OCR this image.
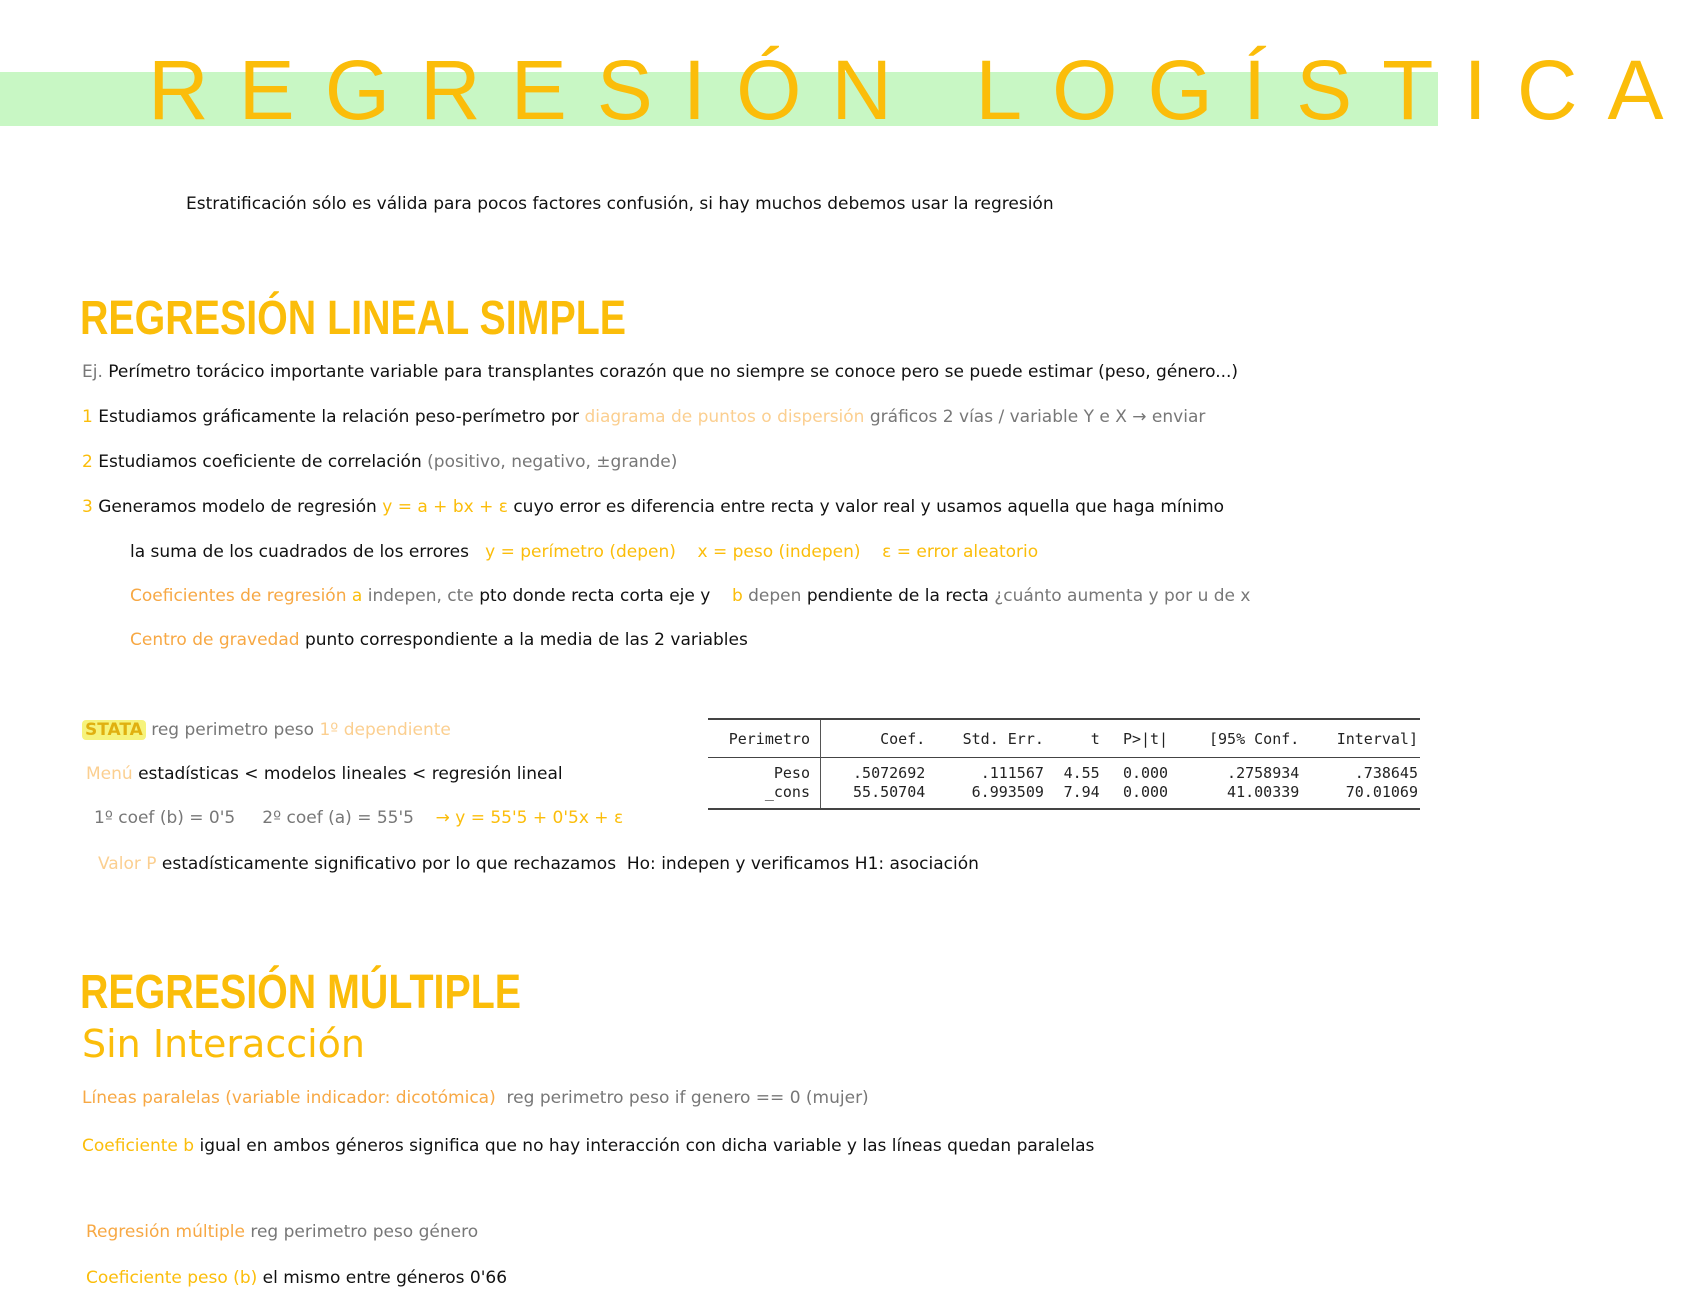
REGRESIÓN LOGÍSTICA
Estratificación sólo es válida para pocos factores confusión, si hay muchos debemos usar la regresión
REGRESIÓN LINEAL SIMPLE
Ej. Perímetro torácico importante variable para transplantes corazón que no siempre se conoce pero se puede estimar (peso, género...)
1 Estudiamos gráficamente la relación peso-perímetro por diagrama de puntos o dispersión gráficos 2 vías / variable Y e X → enviar
2 Estudiamos coeficiente de correlación (positivo, negativo, ±grande)
3 Generamos modelo de regresión y = a + bx + ε cuyo error es diferencia entre recta y valor real y usamos aquella que haga mínimo
la suma de los cuadrados de los errores y = perímetro (depen) x = peso (indepen) ε = error aleatorio
Coeficientes de regresión a indepen, cte pto donde recta corta eje y b depen pendiente de la recta ¿cuánto aumenta y por u de x
Centro de gravedad punto correspondiente a la media de las 2 variables
STATA reg perimetro peso 1º dependiente
Menú estadísticas < modelos lineales < regresión lineal
1º coef (b) = 0'5 2º coef (a) = 55'5 → y = 55'5 + 0'5x + ε
Valor P estadísticamente significativo por lo que rechazamos Ho: indepen y verificamos H1: asociación
Perimetro	Coef.	Std. Err.	t	P>|t|	[95% Conf.	Interval]
Peso	.5072692	.111567	4.55	0.000	.2758934	.738645
_cons	55.50704	6.993509	7.94	0.000	41.00339	70.01069
REGRESIÓN MÚLTIPLE
Sin Interacción
Líneas paralelas (variable indicador: dicotómica) reg perimetro peso if genero == 0 (mujer)
Coeficiente b igual en ambos géneros significa que no hay interacción con dicha variable y las líneas quedan paralelas
Regresión múltiple reg perimetro peso género
Coeficiente peso (b) el mismo entre géneros 0'66
